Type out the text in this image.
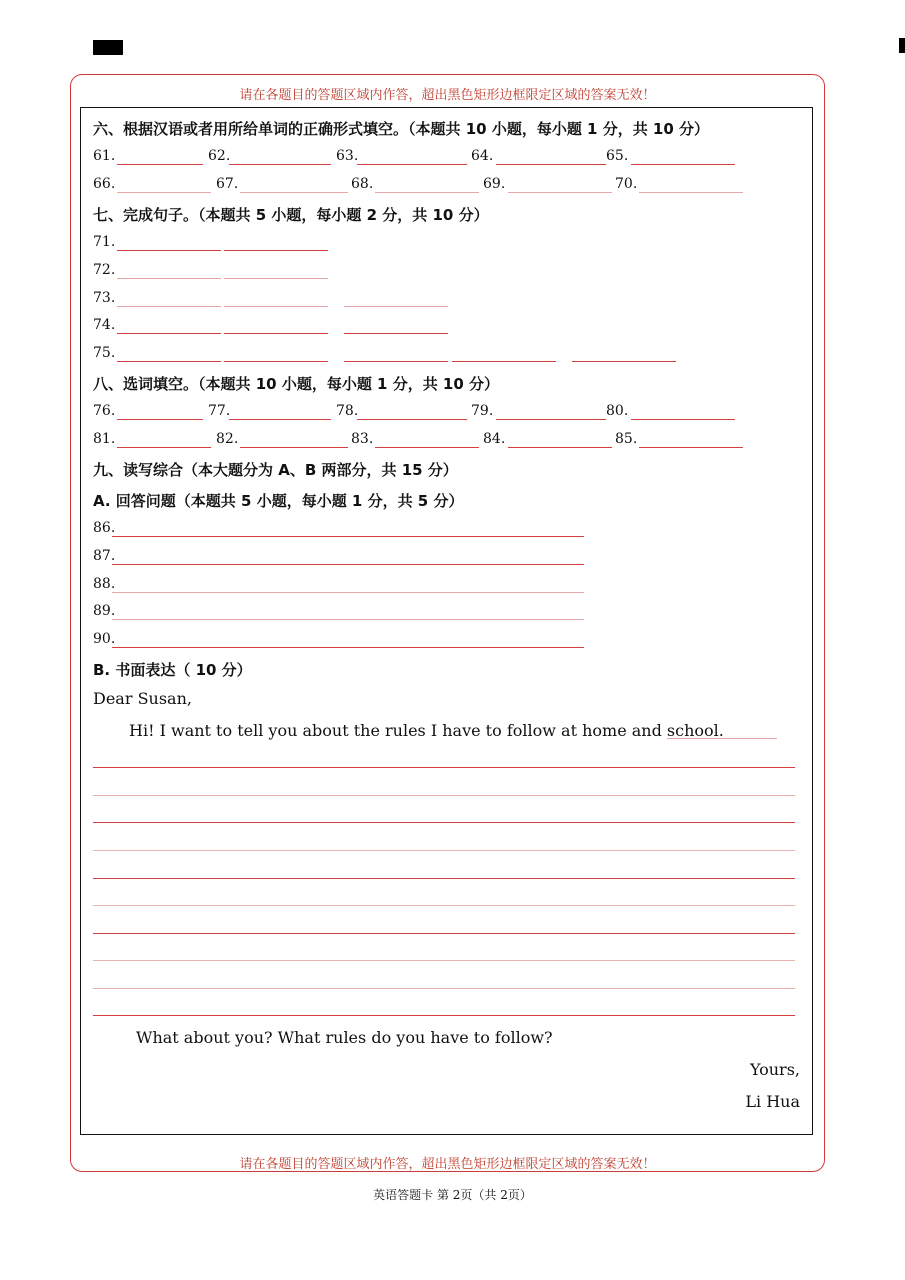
请在各题目的答题区域内作答，超出黑色矩形边框限定区域的答案无效！
六、根据汉语或者用所给单词的正确形式填空。（本题共 10 小题，每小题 1 分，共 10 分）
61.	62.	63.	64.	65.
66.	67.	68.	69.	70.
七、完成句子。（本题共 5 小题，每小题 2 分，共 10 分）
71.
72.
73.
74.
75.
八、选词填空。（本题共 10 小题，每小题 1 分，共 10 分）
76.	77.	78.	79.	80.
81.	82.	83.	84.	85.
九、读写综合（本大题分为 A、B 两部分，共 15 分）
A. 回答问题（本题共 5 小题，每小题 1 分，共 5 分）
86.
87.
88.
89.
90.
B. 书面表达（ 10 分）
Dear Susan,
Hi! I want to tell you about the rules I have to follow at home and school.
What about you? What rules do you have to follow?
Yours,
Li Hua
请在各题目的答题区域内作答，超出黑色矩形边框限定区域的答案无效！
英语答题卡 第 2页（共 2页）
